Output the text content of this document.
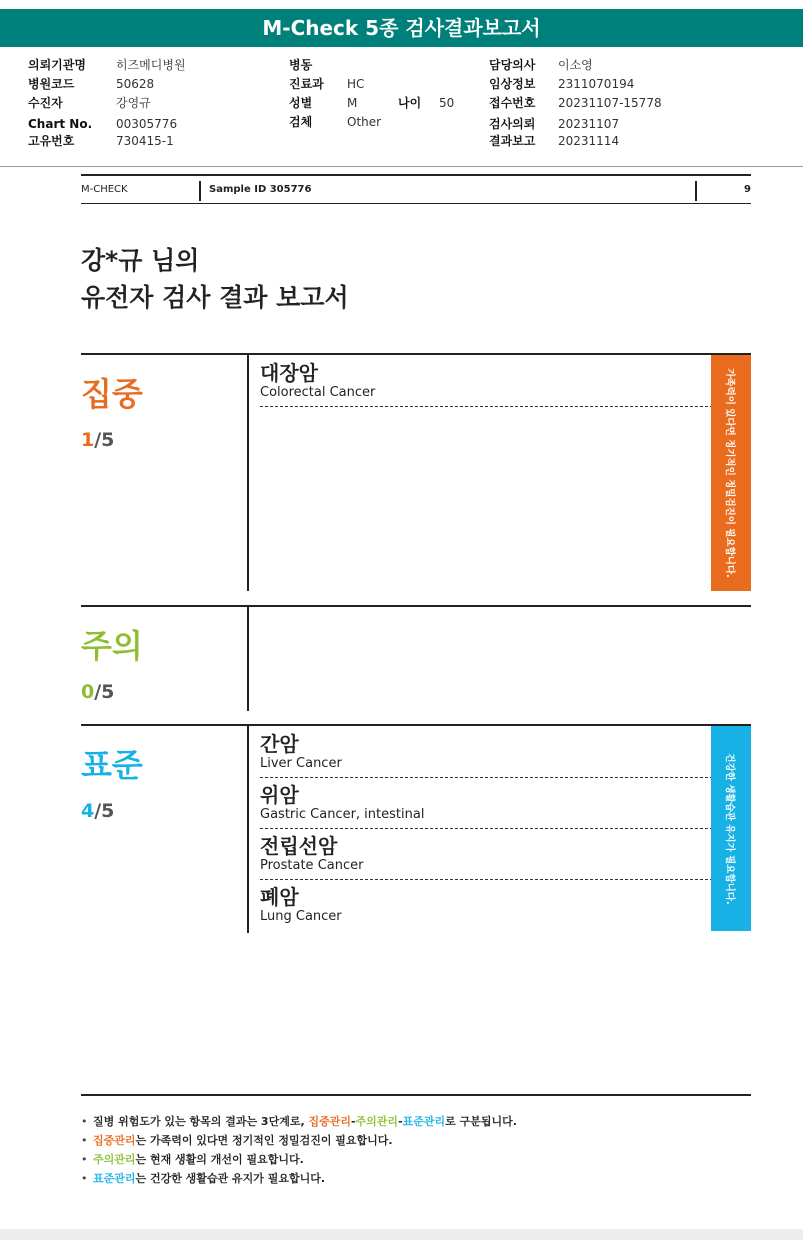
M-Check 5종 검사결과보고서
의뢰기관명	히즈메디병원
병원코드	50628
수진자	강영규
Chart No. 00305776
고유번호	730415-1
병동
진료과 HC
성별	M	나이 50
검체	Other
담당의사 이소영
임상정보 2311070194
접수번호 20231107-15778
검사의뢰 20231107
결과보고 20231114
M-CHECK	Sample ID 305776	9
강*규 님의
유전자 검사 결과 보고서
집중
1/5
대장암
Colorectal Cancer	가족력이 있다면 정기적인 정밀검진이 필요합니다.
주의
0/5
표준
4/5
간암
Liver Cancer
위암
Gastric Cancer, intestinal
전립선암
Prostate Cancer
폐암
Lung Cancer
건강한 생활습관 유지가 필요합니다.
• 질병 위험도가 있는 항목의 결과는 3단계로, 집중관리-주의관리-표준관리로 구분됩니다.
• 집중관리는 가족력이 있다면 정기적인 정밀검진이 필요합니다.
• 주의관리는 현재 생활의 개선이 필요합니다.
• 표준관리는 건강한 생활습관 유지가 필요합니다.
